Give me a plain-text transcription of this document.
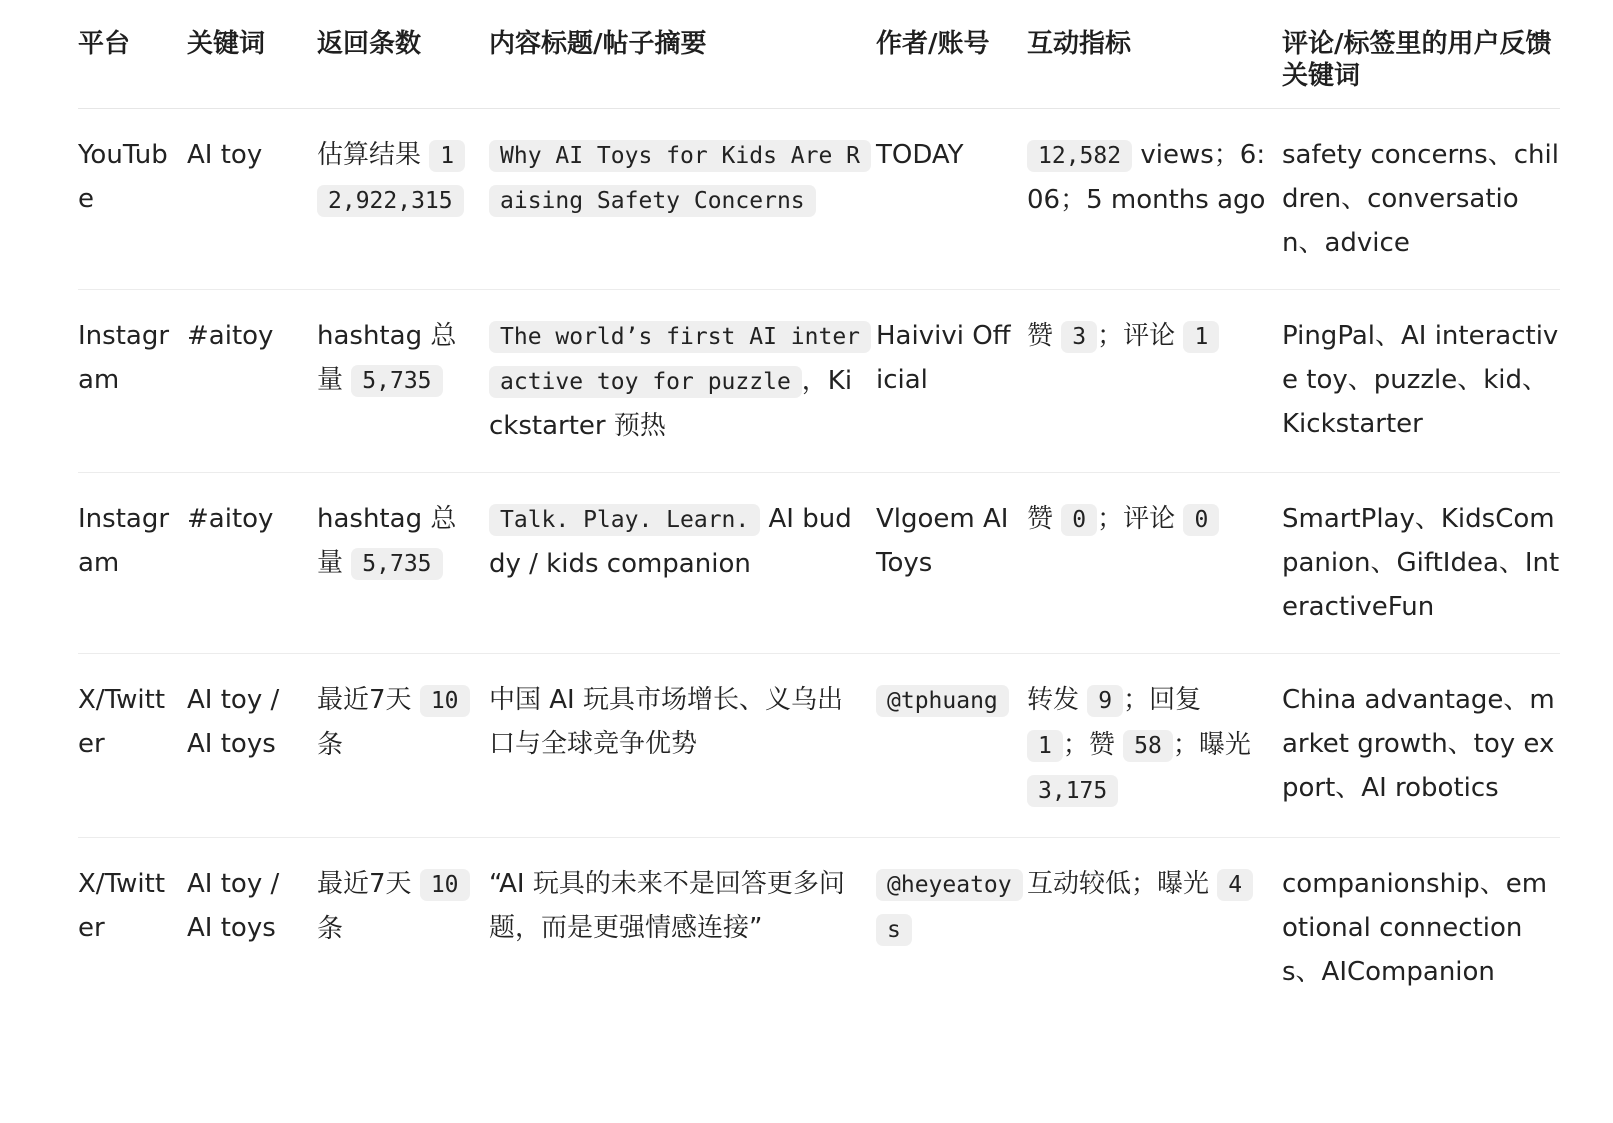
平台	关键词	返回条数	内容标题/帖子摘要	作者/账号	互动指标	评论/标签里的用户反馈关键词
YouTube	AI toy	估算结果 12,922,315	Why AI Toys for Kids Are Raising Safety Concerns	TODAY	12,582 views；6:06；5 months ago	safety concerns、children、conversation、advice
Instagram	#aitoy	hashtag 总量 5,735	The world’s first AI interactive toy for puzzle ，Kickstarter 预热	Haivivi Official	赞 3 ；评论 1	PingPal、AI interactive toy、puzzle、kid、Kickstarter
Instagram	#aitoy	hashtag 总量 5,735	Talk. Play. Learn. AI buddy / kids companion	Vlgoem AI Toys	赞 0 ；评论 0	SmartPlay、KidsCompanion、GiftIdea、InteractiveFun
X/Twitter	AI toy / AI toys	最近7天 10 条	中国 AI 玩具市场增长、义乌出口与全球竞争优势	@tphuang	转发 9 ；回复 1 ；赞 58 ；曝光 3,175	China advantage、market growth、toy export、AI robotics
X/Twitter	AI toy / AI toys	最近7天 10 条	“AI 玩具的未来不是回答更多问题，而是更强情感连接”	@heyeatoys	互动较低；曝光 4	companionship、emotional connections、AICompanion
